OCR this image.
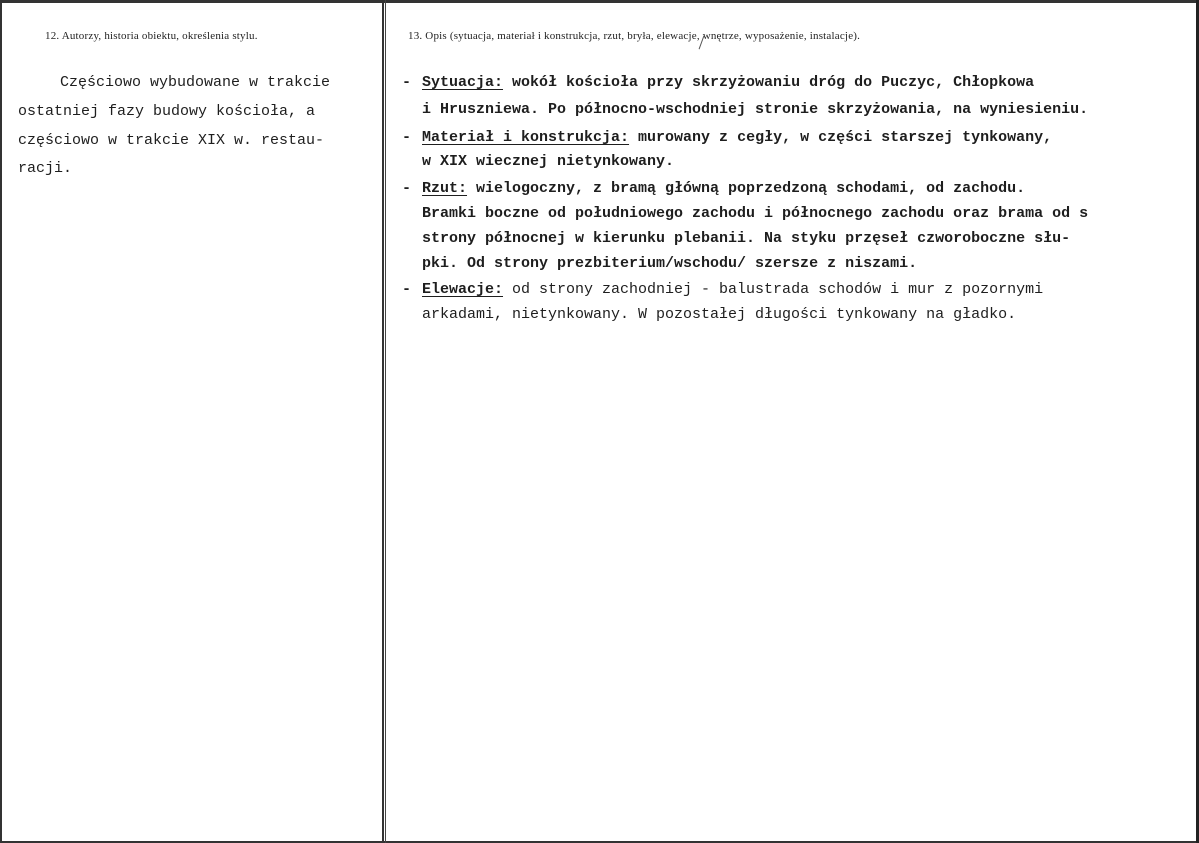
12. Autorzy, historia obiektu, określenia stylu.	13. Opis (sytuacja, materiał i konstrukcja, rzut, bryła, elewacje, wnętrze, wyposażenie, instalacje).
Częściowo wybudowane w trakcie
ostatniej fazy budowy kościoła, a
częściowo w trakcie XIX w. restau-
racji.
- Sytuacja: wokół kościoła przy skrzyżowaniu dróg do Puczyc, Chłopkowa
i Hruszniewa. Po północno-wschodniej stronie skrzyżowania, na wyniesieniu.
- Materiał i konstrukcja: murowany z cegły, w części starszej tynkowany,
w XIX wiecznej nietynkowany.
- Rzut: wielogoczny, z bramą główną poprzedzoną schodami, od zachodu.
Bramki boczne od południowego zachodu i północnego zachodu oraz brama od s
strony północnej w kierunku plebanii. Na styku przęseł czworoboczne słu-
pki. Od strony prezbiterium/wschodu/ szersze z niszami.
- Elewacje: od strony zachodniej - balustrada schodów i mur z pozornymi
arkadami, nietynkowany. W pozostałej długości tynkowany na gładko.
